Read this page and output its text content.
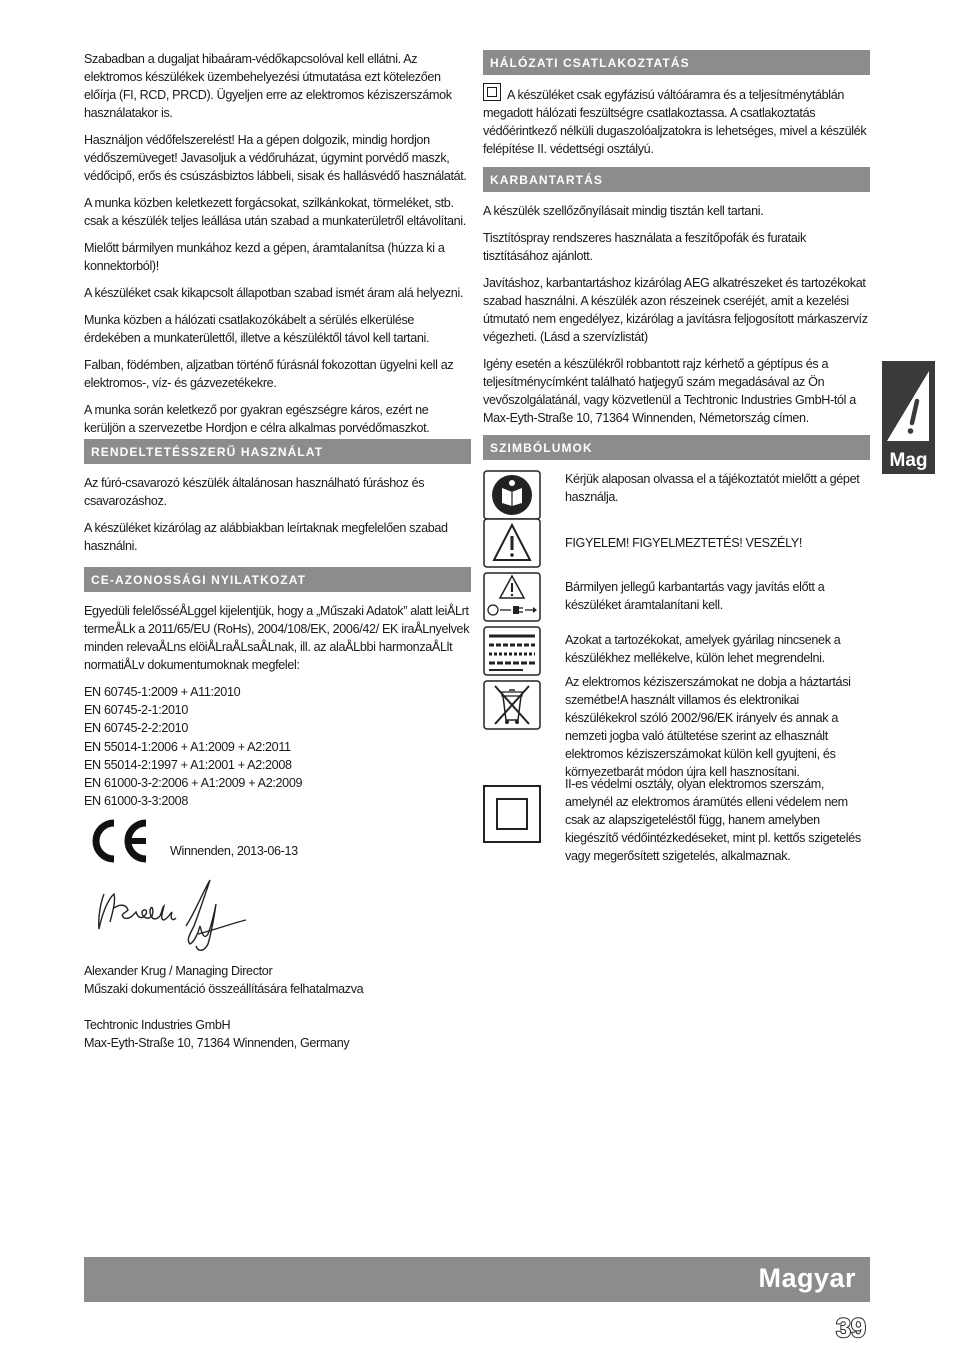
Szabadban a dugaljat hibaáram-védőkapcsolóval kell ellátni. Az elektromos készülékek üzembehelyezési útmutatása ezt kötelezően előírja (FI, RCD, PRCD). Ügyeljen erre az elektromos kéziszerszámok használatakor is.

Használjon védőfelszerelést! Ha a gépen dolgozik, mindig hordjon védőszemüveget! Javasoljuk a védőruházat, úgymint porvédő maszk, védőcipő, erős és csúszásbiztos lábbeli, sisak és hallásvédő használatát.

A munka közben keletkezett forgácsokat, szilkánkokat, törmeléket, stb. csak a készülék teljes leállása után szabad a munkaterületről eltávolítani.

Mielőtt bármilyen munkához kezd a gépen, áramtalanítsa (húzza ki a konnektorból)!

A készüléket csak kikapcsolt állapotban szabad ismét áram alá helyezni.

Munka közben a hálózati csatlakozókábelt a sérülés elkerülése érdekében a munkaterülettől, illetve a készüléktől távol kell tartani.

Falban, födémben, aljzatban történő fúrásnál fokozottan ügyelni kell az elektromos-, víz- és gázvezetékekre.

A munka során keletkező por gyakran egészségre káros, ezért ne kerüljön a szervezetbe Hordjon e célra alkalmas porvédőmaszkot.

RENDELTETÉSSZERŰ HASZNÁLAT

Az fúró-csavarozó készülék általánosan használható fúráshoz és csavarozáshoz.

A készüléket kizárólag az alábbiakban leírtaknak megfelelően szabad használni.

CE-AZONOSSÁGI NYILATKOZAT

Egyedüli felelősséÅLggel kijelentjük, hogy a „Műszaki Adatok” alatt leiÅLrt termeÅLk a 2011/65/EU (RoHs), 2004/108/EK, 2006/42/ EK iraÅLnyelvek minden relevaÅLns elöiÅLraÅLsaÅLnak, ill. az alaÅLbbi harmonzaÅLlt normatiÅLv dokumentumoknak megfelel:

EN 60745-1:2009 + A11:2010
EN 60745-2-1:2010
EN 60745-2-2:2010
EN 55014-1:2006 + A1:2009 + A2:2011
EN 55014-2:1997 + A1:2001 + A2:2008
EN 61000-3-2:2006 + A1:2009 + A2:2009
EN 61000-3-3:2008
Winnenden, 2013-06-13
Alexander Krug / Managing Director
Műszaki dokumentáció összeállítására felhatalmazva
Techtronic Industries GmbH
Max-Eyth-Straße 10, 71364 Winnenden, Germany
HÁLÓZATI CSATLAKOZTATÁS

A készüléket csak egyfázisú váltóáramra és a teljesítménytáblán megadott hálózati feszültségre csatlakoztassa. A csatlakoztatás védőérintkező nélküli dugaszolóaljzatokra is lehetséges, mivel a készülék felépítése II. védettségi osztályú.

KARBANTARTÁS

A készülék szellőzőnyílásait mindig tisztán kell tartani.

Tisztítóspray rendszeres használata a feszítőpofák és furataik tisztításához ajánlott.

Javításhoz, karbantartáshoz kizárólag AEG alkatrészeket és tartozékokat szabad használni. A készülék azon részeinek cseréjét, amit a kezelési útmutató nem engedélyez, kizárólag a javításra feljogosított márkaszervíz végezheti. (Lásd a szervízlistát)

Igény esetén a készülékről robbantott rajz kérhető a géptípus és a teljesítménycímként található hatjegyű szám megadásával az Ön vevőszolgálatánál, vagy közvetlenül a Techtronic Industries GmbH-tól a Max-Eyth-Straße 10, 71364 Winnenden, Németország címen.

SZIMBÓLUMOK

Kérjük alaposan olvassa el a tájékoztatót mielőtt a gépet használja.

FIGYELEM! FIGYELMEZTETÉS! VESZÉLY!

Bármilyen jellegű karbantartás vagy javítás előtt a készüléket áramtalanítani kell.

Azokat a tartozékokat, amelyek gyárilag nincsenek a készülékhez mellékelve, külön lehet megrendelni.

Az elektromos kéziszerszámokat ne dobja a háztartási szemétbe!A használt villamos és elektronikai készülékekrol szóló 2002/96/EK irányelv és annak a nemzeti jogba való átültetése szerint az elhasznált elektromos kéziszerszámokat külön kell gyujteni, és környezetbarát módon újra kell hasznosítani.

II-es védelmi osztály, olyan elektromos szerszám, amelynél az elektromos áramütés elleni védelem nem csak az alapszigeteléstől függ, hanem amelyben kiegészítő védőintézkedéseket, mint pl. kettős szigetelés vagy megerősített szigetelés, alkalmaznak.

Mag
Magyar
39
